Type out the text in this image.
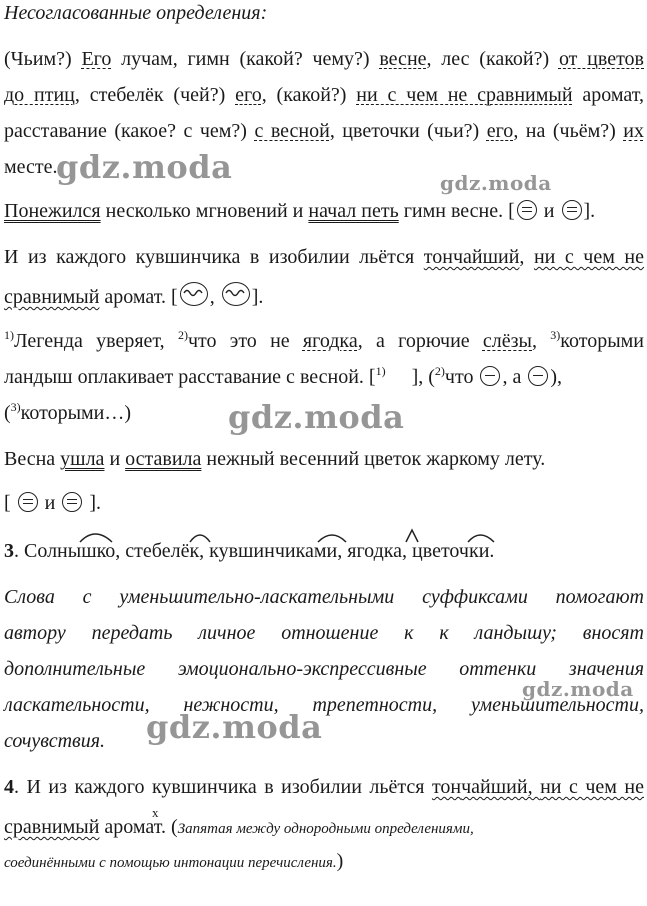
Несогласованные определения:
(Чьим?) Его лучам, гимн (какой? чему?) весне, лес (какой?) от цветов
до птиц, стебелёк (чей?) его, (какой?) ни с чем не сравнимый аромат,
расставание (какое? с чем?) с весной, цветочки (чьи?) его, на (чьём?) их
месте.
Понежился несколько мгновений и начал петь гимн весне. [ и ].
И из каждого кувшинчика в изобилии льётся тончайший, ни с чем не
сравнимый аромат. [ ,
].
$^{1)}$Легенда уверяет, $^{2)}$что это не ягодка, а горючие слёзы, $^{3)}$которыми
ландыш оплакивает расставание с весной. [$^{1)}$ ], ($^{2)}$что , а ),
($^{3)}$которыми…)
Весна ушла и оставила нежный весенний цветок жаркому лету.
[  и  ].
3. Солнышко, стебелёк, кувшинчиками, ягодка, цветочки.
Слова с уменьшительно-ласкательными суффиксами помогают
автору передать личное отношение к к ландышу; вносят
дополнительные эмоционально-экспрессивные оттенки значения
ласкательности, нежности, трепетности, уменьшительности,
сочувствия.
4. И из каждого кувшинчика в изобилии льётся тончайший, ни с чем не
x
сравнимый аромат. (Запятая между однородными определениями,
соединёнными с помощью интонации перечисления.)
gdz.moda	gdz.moda
gdz.moda
gdz.moda
gdz.moda
